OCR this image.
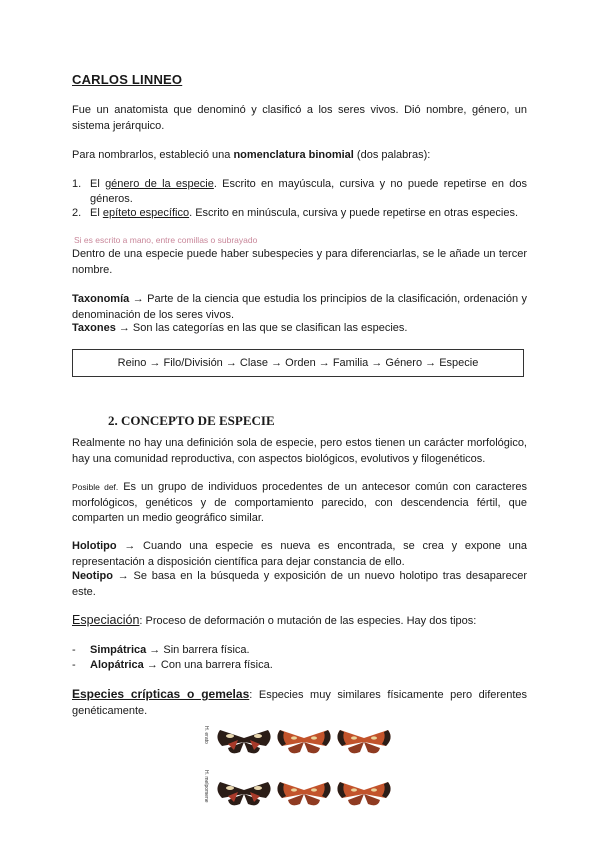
CARLOS LINNEO
Fue un anatomista que denominó y clasificó a los seres vivos. Dió nombre, género, un sistema jerárquico.
Para nombrarlos, estableció una nomenclatura binomial (dos palabras):
1. El género de la especie. Escrito en mayúscula, cursiva y no puede repetirse en dos géneros.
2. El epíteto específico. Escrito en minúscula, cursiva y puede repetirse en otras especies.
Si es escrito a mano, entre comillas o subrayado
Dentro de una especie puede haber subespecies y para diferenciarlas, se le añade un tercer nombre.
Taxonomía → Parte de la ciencia que estudia los principios de la clasificación, ordenación y denominación de los seres vivos.
Taxones → Son las categorías en las que se clasifican las especies.
Reino → Filo/División → Clase → Orden → Familia → Género → Especie
2. CONCEPTO DE ESPECIE
Realmente no hay una definición sola de especie, pero estos tienen un carácter morfológico, hay una comunidad reproductiva, con aspectos biológicos, evolutivos y filogenéticos.
Posible def. Es un grupo de individuos procedentes de un antecesor común con caracteres morfológicos, genéticos y de comportamiento parecido, con descendencia fértil, que comparten un medio geográfico similar.
Holotipo → Cuando una especie es nueva es encontrada, se crea y expone una representación a disposición científica para dejar constancia de ello.
Neotipo → Se basa en la búsqueda y exposición de un nuevo holotipo tras desaparecer este.
Especiación: Proceso de deformación o mutación de las especies. Hay dos tipos:
- Simpátrica → Sin barrera física.
- Alopátrica → Con una barrera física.
Especies crípticas o gemelas: Especies muy similares físicamente pero diferentes genéticamente.
H. erato
H. melpomene
